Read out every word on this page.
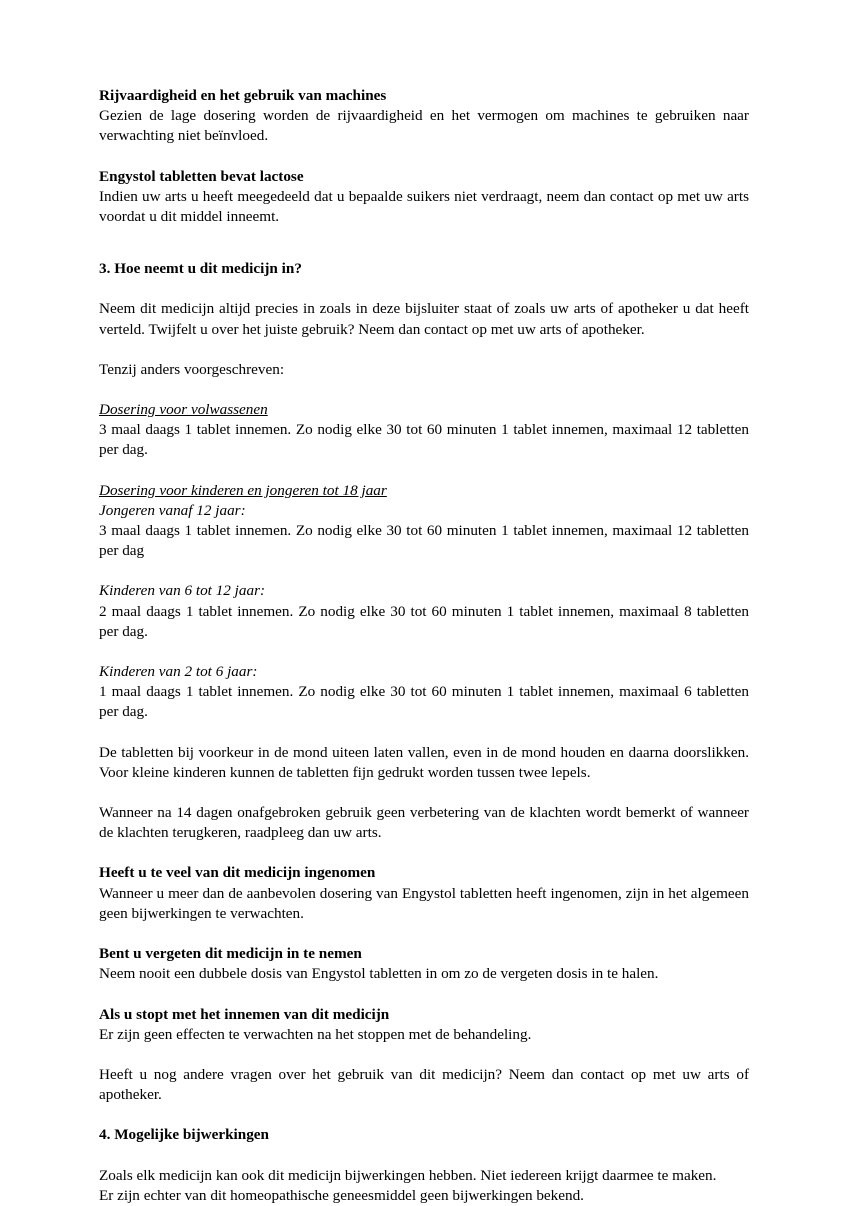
Rijvaardigheid en het gebruik van machines

Gezien de lage dosering worden de rijvaardigheid en het vermogen om machines te gebruiken naar verwachting niet beïnvloed.

Engystol tabletten bevat lactose

Indien uw arts u heeft meegedeeld dat u bepaalde suikers niet verdraagt, neem dan contact op met uw arts voordat u dit middel inneemt.

3. Hoe neemt u dit medicijn in?

Neem dit medicijn altijd precies in zoals in deze bijsluiter staat of zoals uw arts of apotheker u dat heeft verteld. Twijfelt u over het juiste gebruik? Neem dan contact op met uw arts of apotheker.

Tenzij anders voorgeschreven:

Dosering voor volwassenen

3 maal daags 1 tablet innemen. Zo nodig elke 30 tot 60 minuten 1 tablet innemen, maximaal 12 tabletten per dag.

Dosering voor kinderen en jongeren tot 18 jaar

Jongeren vanaf 12 jaar:

3 maal daags 1 tablet innemen. Zo nodig elke 30 tot 60 minuten 1 tablet innemen, maximaal 12 tabletten per dag

Kinderen van 6 tot 12 jaar:

2 maal daags 1 tablet innemen. Zo nodig elke 30 tot 60 minuten 1 tablet innemen, maximaal 8 tabletten per dag.

Kinderen van 2 tot 6 jaar:

1 maal daags 1 tablet innemen. Zo nodig elke 30 tot 60 minuten 1 tablet innemen, maximaal 6 tabletten per dag.

De tabletten bij voorkeur in de mond uiteen laten vallen, even in de mond houden en daarna doorslikken. Voor kleine kinderen kunnen de tabletten fijn gedrukt worden tussen twee lepels.

Wanneer na 14 dagen onafgebroken gebruik geen verbetering van de klachten wordt bemerkt of wanneer de klachten terugkeren, raadpleeg dan uw arts.

Heeft u te veel van dit medicijn ingenomen

Wanneer u meer dan de aanbevolen dosering van Engystol tabletten heeft ingenomen, zijn in het algemeen geen bijwerkingen te verwachten.

Bent u vergeten dit medicijn in te nemen

Neem nooit een dubbele dosis van Engystol tabletten in om zo de vergeten dosis in te halen.

Als u stopt met het innemen van dit medicijn

Er zijn geen effecten te verwachten na het stoppen met de behandeling.

Heeft u nog andere vragen over het gebruik van dit medicijn? Neem dan contact op met uw arts of apotheker.

4. Mogelijke bijwerkingen

Zoals elk medicijn kan ook dit medicijn bijwerkingen hebben. Niet iedereen krijgt daarmee te maken.

Er zijn echter van dit homeopathische geneesmiddel geen bijwerkingen bekend.
